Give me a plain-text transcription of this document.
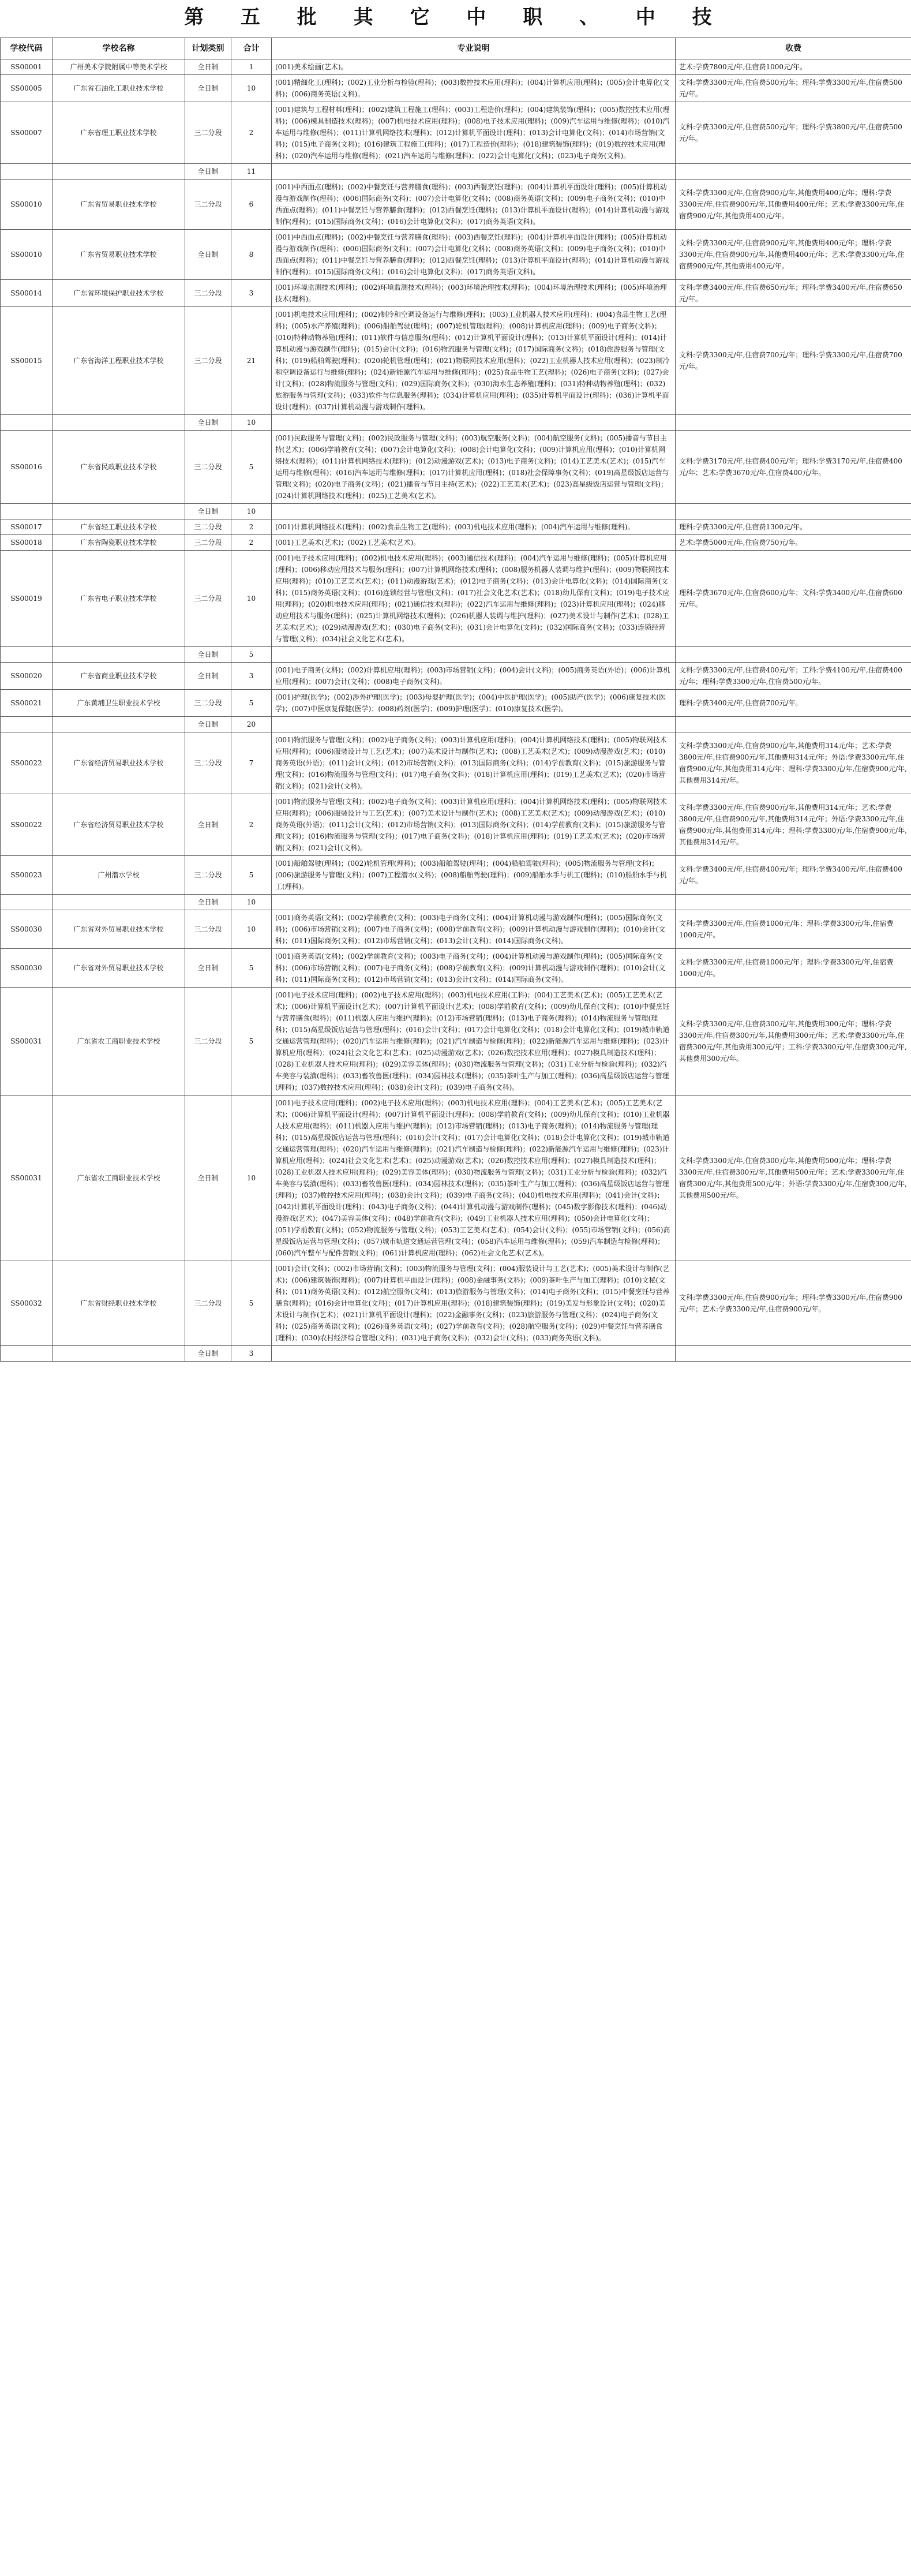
第 五 批 其 它 中 职 、 中 技
学校代码	学校名称	计划类别	合计	专业说明	收费
SS00001	广州美术学院附属中等美术学校	全日制	1	(001)美术绘画(艺术)。	艺术:学费7800元/年,住宿费1000元/年。
SS00005	广东省石油化工职业技术学校	全日制	10	(001)精细化工(理科)；(002)工业分析与检验(理科)；(003)数控技术应用(理科)；(004)计算机应用(理科)；(005)会计电算化(文科)；(006)商务英语(文科)。	文科:学费3300元/年,住宿费500元/年；理科:学费3300元/年,住宿费500元/年。
SS00007	广东省理工职业技术学校	三二分段	2	(001)建筑与工程材料(理科)；(002)建筑工程施工(理科)；(003)工程造价(理科)；(004)建筑装饰(理科)；(005)数控技术应用(理科)；(006)模具制造技术(理科)；(007)机电技术应用(理科)；(008)电子技术应用(理科)；(009)汽车运用与维修(理科)；(010)汽车运用与维修(理科)；(011)计算机网络技术(理科)；(012)计算机平面设计(理科)；(013)会计电算化(文科)；(014)市场营销(文科)；(015)电子商务(文科)；(016)建筑工程施工(理科)；(017)工程造价(理科)；(018)建筑装饰(理科)；(019)数控技术应用(理科)；(020)汽车运用与维修(理科)；(021)汽车运用与维修(理科)；(022)会计电算化(文科)；(023)电子商务(文科)。	文科:学费3300元/年,住宿费500元/年；理科:学费3800元/年,住宿费500元/年。
		全日制	11		
SS00010	广东省贸易职业技术学校	三二分段	6	(001)中西面点(理科)；(002)中餐烹饪与营养膳食(理科)；(003)西餐烹饪(理科)；(004)计算机平面设计(理科)；(005)计算机动漫与游戏制作(理科)；(006)国际商务(文科)；(007)会计电算化(文科)；(008)商务英语(文科)；(009)电子商务(文科)；(010)中西面点(理科)；(011)中餐烹饪与营养膳食(理科)；(012)西餐烹饪(理科)；(013)计算机平面设计(理科)；(014)计算机动漫与游戏制作(理科)；(015)国际商务(文科)；(016)会计电算化(文科)；(017)商务英语(文科)。	文科:学费3300元/年,住宿费900元/年,其他费用400元/年；理科:学费3300元/年,住宿费900元/年,其他费用400元/年；艺术:学费3300元/年,住宿费900元/年,其他费用400元/年。
SS00010	广东省贸易职业技术学校	全日制	8	(001)中西面点(理科)；(002)中餐烹饪与营养膳食(理科)；(003)西餐烹饪(理科)；(004)计算机平面设计(理科)；(005)计算机动漫与游戏制作(理科)；(006)国际商务(文科)；(007)会计电算化(文科)；(008)商务英语(文科)；(009)电子商务(文科)；(010)中西面点(理科)；(011)中餐烹饪与营养膳食(理科)；(012)西餐烹饪(理科)；(013)计算机平面设计(理科)；(014)计算机动漫与游戏制作(理科)；(015)国际商务(文科)；(016)会计电算化(文科)；(017)商务英语(文科)。	文科:学费3300元/年,住宿费900元/年,其他费用400元/年；理科:学费3300元/年,住宿费900元/年,其他费用400元/年；艺术:学费3300元/年,住宿费900元/年,其他费用400元/年。
SS00014	广东省环境保护职业技术学校	三二分段	3	(001)环境监测技术(理科)；(002)环境监测技术(理科)；(003)环境治理技术(理科)；(004)环境治理技术(理科)；(005)环境治理技术(理科)。	文科:学费3400元/年,住宿费650元/年；理科:学费3400元/年,住宿费650元/年。
SS00015	广东省海洋工程职业技术学校	三二分段	21	(001)机电技术应用(理科)；(002)制冷和空调设备运行与维修(理科)；(003)工业机器人技术应用(理科)；(004)食品生物工艺(理科)；(005)水产养殖(理科)；(006)船舶驾驶(理科)；(007)轮机管理(理科)；(008)计算机应用(理科)；(009)电子商务(文科)；(010)特种动物养殖(理科)；(011)软件与信息服务(理科)；(012)计算机平面设计(理科)；(013)计算机平面设计(理科)；(014)计算机动漫与游戏制作(理科)；(015)会计(文科)；(016)物流服务与管理(文科)；(017)国际商务(文科)；(018)旅游服务与管理(文科)；(019)船舶驾驶(理科)；(020)轮机管理(理科)；(021)物联网技术应用(理科)；(022)工业机器人技术应用(理科)；(023)制冷和空调设备运行与维修(理科)；(024)新能源汽车运用与维修(理科)；(025)食品生物工艺(理科)；(026)电子商务(文科)；(027)会计(文科)；(028)物流服务与管理(文科)；(029)国际商务(文科)；(030)海水生态养殖(理科)；(031)特种动物养殖(理科)；(032)旅游服务与管理(文科)；(033)软件与信息服务(理科)；(034)计算机应用(理科)；(035)计算机平面设计(理科)；(036)计算机平面设计(理科)；(037)计算机动漫与游戏制作(理科)。	文科:学费3300元/年,住宿费700元/年；理科:学费3300元/年,住宿费700元/年。
		全日制	10		
SS00016	广东省民政职业技术学校	三二分段	5	(001)民政服务与管理(文科)；(002)民政服务与管理(文科)；(003)航空服务(文科)；(004)航空服务(文科)；(005)播音与节目主持(艺术)；(006)学前教育(文科)；(007)会计电算化(文科)；(008)会计电算化(文科)；(009)计算机应用(理科)；(010)计算机网络技术(理科)；(011)计算机网络技术(理科)；(012)动漫游戏(艺术)；(013)电子商务(文科)；(014)工艺美术(艺术)；(015)汽车运用与维修(理科)；(016)汽车运用与维修(理科)；(017)计算机应用(理科)；(018)社会保障事务(文科)；(019)高星级饭店运营与管理(文科)；(020)电子商务(文科)；(021)播音与节目主持(艺术)；(022)工艺美术(艺术)；(023)高星级饭店运营与管理(文科)；(024)计算机网络技术(理科)；(025)工艺美术(艺术)。	文科:学费3170元/年,住宿费400元/年；理科:学费3170元/年,住宿费400元/年；艺术:学费3670元/年,住宿费400元/年。
		全日制	10		
SS00017	广东省轻工职业技术学校	三二分段	2	(001)计算机网络技术(理科)；(002)食品生物工艺(理科)；(003)机电技术应用(理科)；(004)汽车运用与维修(理科)。	理科:学费3300元/年,住宿费1300元/年。
SS00018	广东省陶瓷职业技术学校	三二分段	2	(001)工艺美术(艺术)；(002)工艺美术(艺术)。	艺术:学费5000元/年,住宿费750元/年。
SS00019	广东省电子职业技术学校	三二分段	10	(001)电子技术应用(理科)；(002)机电技术应用(理科)；(003)通信技术(理科)；(004)汽车运用与维修(理科)；(005)计算机应用(理科)；(006)移动应用技术与服务(理科)；(007)计算机网络技术(理科)；(008)服务机器人装调与维护(理科)；(009)物联网技术应用(理科)；(010)工艺美术(艺术)；(011)动漫游戏(艺术)；(012)电子商务(文科)；(013)会计电算化(文科)；(014)国际商务(文科)；(015)商务英语(文科)；(016)连锁经营与管理(文科)；(017)社会文化艺术(艺术)；(018)幼儿保育(文科)；(019)电子技术应用(理科)；(020)机电技术应用(理科)；(021)通信技术(理科)；(022)汽车运用与维修(理科)；(023)计算机应用(理科)；(024)移动应用技术与服务(理科)；(025)计算机网络技术(理科)；(026)机器人装调与维护(理科)；(027)美术设计与制作(艺术)；(028)工艺美术(艺术)；(029)动漫游戏(艺术)；(030)电子商务(文科)；(031)会计电算化(文科)；(032)国际商务(文科)；(033)连锁经营与管理(文科)；(034)社会文化艺术(艺术)。	理科:学费3670元/年,住宿费600元/年；文科:学费3400元/年,住宿费600元/年。
		全日制	5		
SS00020	广东省商业职业技术学校	全日制	3	(001)电子商务(文科)；(002)计算机应用(理科)；(003)市场营销(文科)；(004)会计(文科)；(005)商务英语(外语)；(006)计算机应用(理科)；(007)会计(文科)；(008)电子商务(文科)。	文科:学费3300元/年,住宿费400元/年；工科:学费4100元/年,住宿费400元/年；理科:学费3300元/年,住宿费500元/年。
SS00021	广东黄埔卫生职业技术学校	三二分段	5	(001)护理(医学)；(002)涉外护理(医学)；(003)母婴护理(医学)；(004)中医护理(医学)；(005)助产(医学)；(006)康复技术(医学)；(007)中医康复保健(医学)；(008)药剂(医学)；(009)护理(医学)；(010)康复技术(医学)。	理科:学费3400元/年,住宿费700元/年。
		全日制	20		
SS00022	广东省经济贸易职业技术学校	三二分段	7	(001)物流服务与管理(文科)；(002)电子商务(文科)；(003)计算机应用(理科)；(004)计算机网络技术(理科)；(005)物联网技术应用(理科)；(006)服装设计与工艺(艺术)；(007)美术设计与制作(艺术)；(008)工艺美术(艺术)；(009)动漫游戏(艺术)；(010)商务英语(外语)；(011)会计(文科)；(012)市场营销(文科)；(013)国际商务(文科)；(014)学前教育(文科)；(015)旅游服务与管理(文科)；(016)物流服务与管理(文科)；(017)电子商务(文科)；(018)计算机应用(理科)；(019)工艺美术(艺术)；(020)市场营销(文科)；(021)会计(文科)。	文科:学费3300元/年,住宿费900元/年,其他费用314元/年；艺术:学费3800元/年,住宿费900元/年,其他费用314元/年；外语:学费3300元/年,住宿费900元/年,其他费用314元/年；理科:学费3300元/年,住宿费900元/年,其他费用314元/年。
SS00022	广东省经济贸易职业技术学校	全日制	2	(001)物流服务与管理(文科)；(002)电子商务(文科)；(003)计算机应用(理科)；(004)计算机网络技术(理科)；(005)物联网技术应用(理科)；(006)服装设计与工艺(艺术)；(007)美术设计与制作(艺术)；(008)工艺美术(艺术)；(009)动漫游戏(艺术)；(010)商务英语(外语)；(011)会计(文科)；(012)市场营销(文科)；(013)国际商务(文科)；(014)学前教育(文科)；(015)旅游服务与管理(文科)；(016)物流服务与管理(文科)；(017)电子商务(文科)；(018)计算机应用(理科)；(019)工艺美术(艺术)；(020)市场营销(文科)；(021)会计(文科)。	文科:学费3300元/年,住宿费900元/年,其他费用314元/年；艺术:学费3800元/年,住宿费900元/年,其他费用314元/年；外语:学费3300元/年,住宿费900元/年,其他费用314元/年；理科:学费3300元/年,住宿费900元/年,其他费用314元/年。
SS00023	广州潜水学校	三二分段	5	(001)船舶驾驶(理科)；(002)轮机管理(理科)；(003)船舶驾驶(理科)；(004)船舶驾驶(理科)；(005)物流服务与管理(文科)；(006)旅游服务与管理(文科)；(007)工程潜水(文科)；(008)船舶驾驶(理科)；(009)船舶水手与机工(理科)；(010)船舶水手与机工(理科)。	文科:学费3400元/年,住宿费400元/年；理科:学费3400元/年,住宿费400元/年。
		全日制	10		
SS00030	广东省对外贸易职业技术学校	三二分段	10	(001)商务英语(文科)；(002)学前教育(文科)；(003)电子商务(文科)；(004)计算机动漫与游戏制作(理科)；(005)国际商务(文科)；(006)市场营销(文科)；(007)电子商务(文科)；(008)学前教育(文科)；(009)计算机动漫与游戏制作(理科)；(010)会计(文科)；(011)国际商务(文科)；(012)市场营销(文科)；(013)会计(文科)；(014)国际商务(文科)。	文科:学费3300元/年,住宿费1000元/年；理科:学费3300元/年,住宿费1000元/年。
SS00030	广东省对外贸易职业技术学校	全日制	5	(001)商务英语(文科)；(002)学前教育(文科)；(003)电子商务(文科)；(004)计算机动漫与游戏制作(理科)；(005)国际商务(文科)；(006)市场营销(文科)；(007)电子商务(文科)；(008)学前教育(文科)；(009)计算机动漫与游戏制作(理科)；(010)会计(文科)；(011)国际商务(文科)；(012)市场营销(文科)；(013)会计(文科)；(014)国际商务(文科)。	文科:学费3300元/年,住宿费1000元/年；理科:学费3300元/年,住宿费1000元/年。
SS00031	广东省农工商职业技术学校	三二分段	5	(001)电子技术应用(理科)；(002)电子技术应用(理科)；(003)机电技术应用(工科)；(004)工艺美术(艺术)；(005)工艺美术(艺术)；(006)计算机平面设计(艺术)；(007)计算机平面设计(艺术)；(008)学前教育(文科)；(009)幼儿保育(文科)；(010)中餐烹饪与营养膳食(理科)；(011)机器人应用与维护(理科)；(012)市场营销(理科)；(013)电子商务(理科)；(014)物流服务与管理(理科)；(015)高星级饭店运营与管理(理科)；(016)会计(文科)；(017)会计电算化(文科)；(018)会计电算化(文科)；(019)城市轨道交通运营管理(理科)；(020)汽车运用与维修(理科)；(021)汽车制造与检修(理科)；(022)新能源汽车运用与维修(理科)；(023)计算机应用(理科)；(024)社会文化艺术(艺术)；(025)动漫游戏(艺术)；(026)数控技术应用(理科)；(027)模具制造技术(理科)；(028)工业机器人技术应用(理科)；(029)美容美体(理科)；(030)物流服务与管理(文科)；(031)工业分析与检验(理科)；(032)汽车美容与装潢(理科)；(033)畜牧兽医(理科)；(034)园林技术(理科)；(035)茶叶生产与加工(理科)；(036)高星级饭店运营与管理(理科)；(037)数控技术应用(理科)；(038)会计(文科)；(039)电子商务(文科)。	文科:学费3300元/年,住宿费300元/年,其他费用300元/年；理科:学费3300元/年,住宿费300元/年,其他费用300元/年；艺术:学费3300元/年,住宿费300元/年,其他费用300元/年；工科:学费3300元/年,住宿费300元/年,其他费用300元/年。
SS00031	广东省农工商职业技术学校	全日制	10	(001)电子技术应用(理科)；(002)电子技术应用(理科)；(003)机电技术应用(理科)；(004)工艺美术(艺术)；(005)工艺美术(艺术)；(006)计算机平面设计(理科)；(007)计算机平面设计(理科)；(008)学前教育(文科)；(009)幼儿保育(文科)；(010)工业机器人技术应用(理科)；(011)机器人应用与维护(理科)；(012)市场营销(理科)；(013)电子商务(理科)；(014)物流服务与管理(理科)；(015)高星级饭店运营与管理(理科)；(016)会计(文科)；(017)会计电算化(文科)；(018)会计电算化(文科)；(019)城市轨道交通运营管理(理科)；(020)汽车运用与维修(理科)；(021)汽车制造与检修(理科)；(022)新能源汽车运用与维修(理科)；(023)计算机应用(理科)；(024)社会文化艺术(艺术)；(025)动漫游戏(艺术)；(026)数控技术应用(理科)；(027)模具制造技术(理科)；(028)工业机器人技术应用(理科)；(029)美容美体(理科)；(030)物流服务与管理(文科)；(031)工业分析与检验(理科)；(032)汽车美容与装潢(理科)；(033)畜牧兽医(理科)；(034)园林技术(理科)；(035)茶叶生产与加工(理科)；(036)高星级饭店运营与管理(理科)；(037)数控技术应用(理科)；(038)会计(文科)；(039)电子商务(文科)；(040)机电技术应用(理科)；(041)会计(文科)；(042)计算机平面设计(理科)；(043)电子商务(文科)；(044)计算机动漫与游戏制作(理科)；(045)数字影像技术(理科)；(046)动漫游戏(艺术)；(047)美容美体(文科)；(048)学前教育(文科)；(049)工业机器人技术应用(理科)；(050)会计电算化(文科)；(051)学前教育(文科)；(052)物流服务与管理(文科)；(053)工艺美术(艺术)；(054)会计(文科)；(055)市场营销(文科)；(056)高星级饭店运营与管理(文科)；(057)城市轨道交通运营管理(文科)；(058)汽车运用与维修(理科)；(059)汽车制造与检修(理科)；(060)汽车整车与配件营销(文科)；(061)计算机应用(理科)；(062)社会文化艺术(艺术)。	文科:学费3300元/年,住宿费300元/年,其他费用500元/年；理科:学费3300元/年,住宿费300元/年,其他费用500元/年；艺术:学费3300元/年,住宿费300元/年,其他费用500元/年；外语:学费3300元/年,住宿费300元/年,其他费用500元/年。
SS00032	广东省财经职业技术学校	三二分段	5	(001)会计(文科)；(002)市场营销(文科)；(003)物流服务与管理(文科)；(004)服装设计与工艺(艺术)；(005)美术设计与制作(艺术)；(006)建筑装饰(理科)；(007)计算机平面设计(理科)；(008)金融事务(文科)；(009)茶叶生产与加工(理科)；(010)文秘(文科)；(011)商务英语(文科)；(012)航空服务(文科)；(013)旅游服务与管理(文科)；(014)电子商务(文科)；(015)中餐烹饪与营养膳食(理科)；(016)会计电算化(文科)；(017)计算机应用(理科)；(018)建筑装饰(理科)；(019)美发与形象设计(文科)；(020)美术设计与制作(艺术)；(021)计算机平面设计(理科)；(022)金融事务(文科)；(023)旅游服务与管理(文科)；(024)电子商务(文科)；(025)商务英语(文科)；(026)商务英语(文科)；(027)学前教育(文科)；(028)航空服务(文科)；(029)中餐烹饪与营养膳食(理科)；(030)农村经济综合管理(文科)；(031)电子商务(文科)；(032)会计(文科)；(033)商务英语(文科)。	文科:学费3300元/年,住宿费900元/年；理科:学费3300元/年,住宿费900元/年；艺术:学费3300元/年,住宿费900元/年。
		全日制	3		
